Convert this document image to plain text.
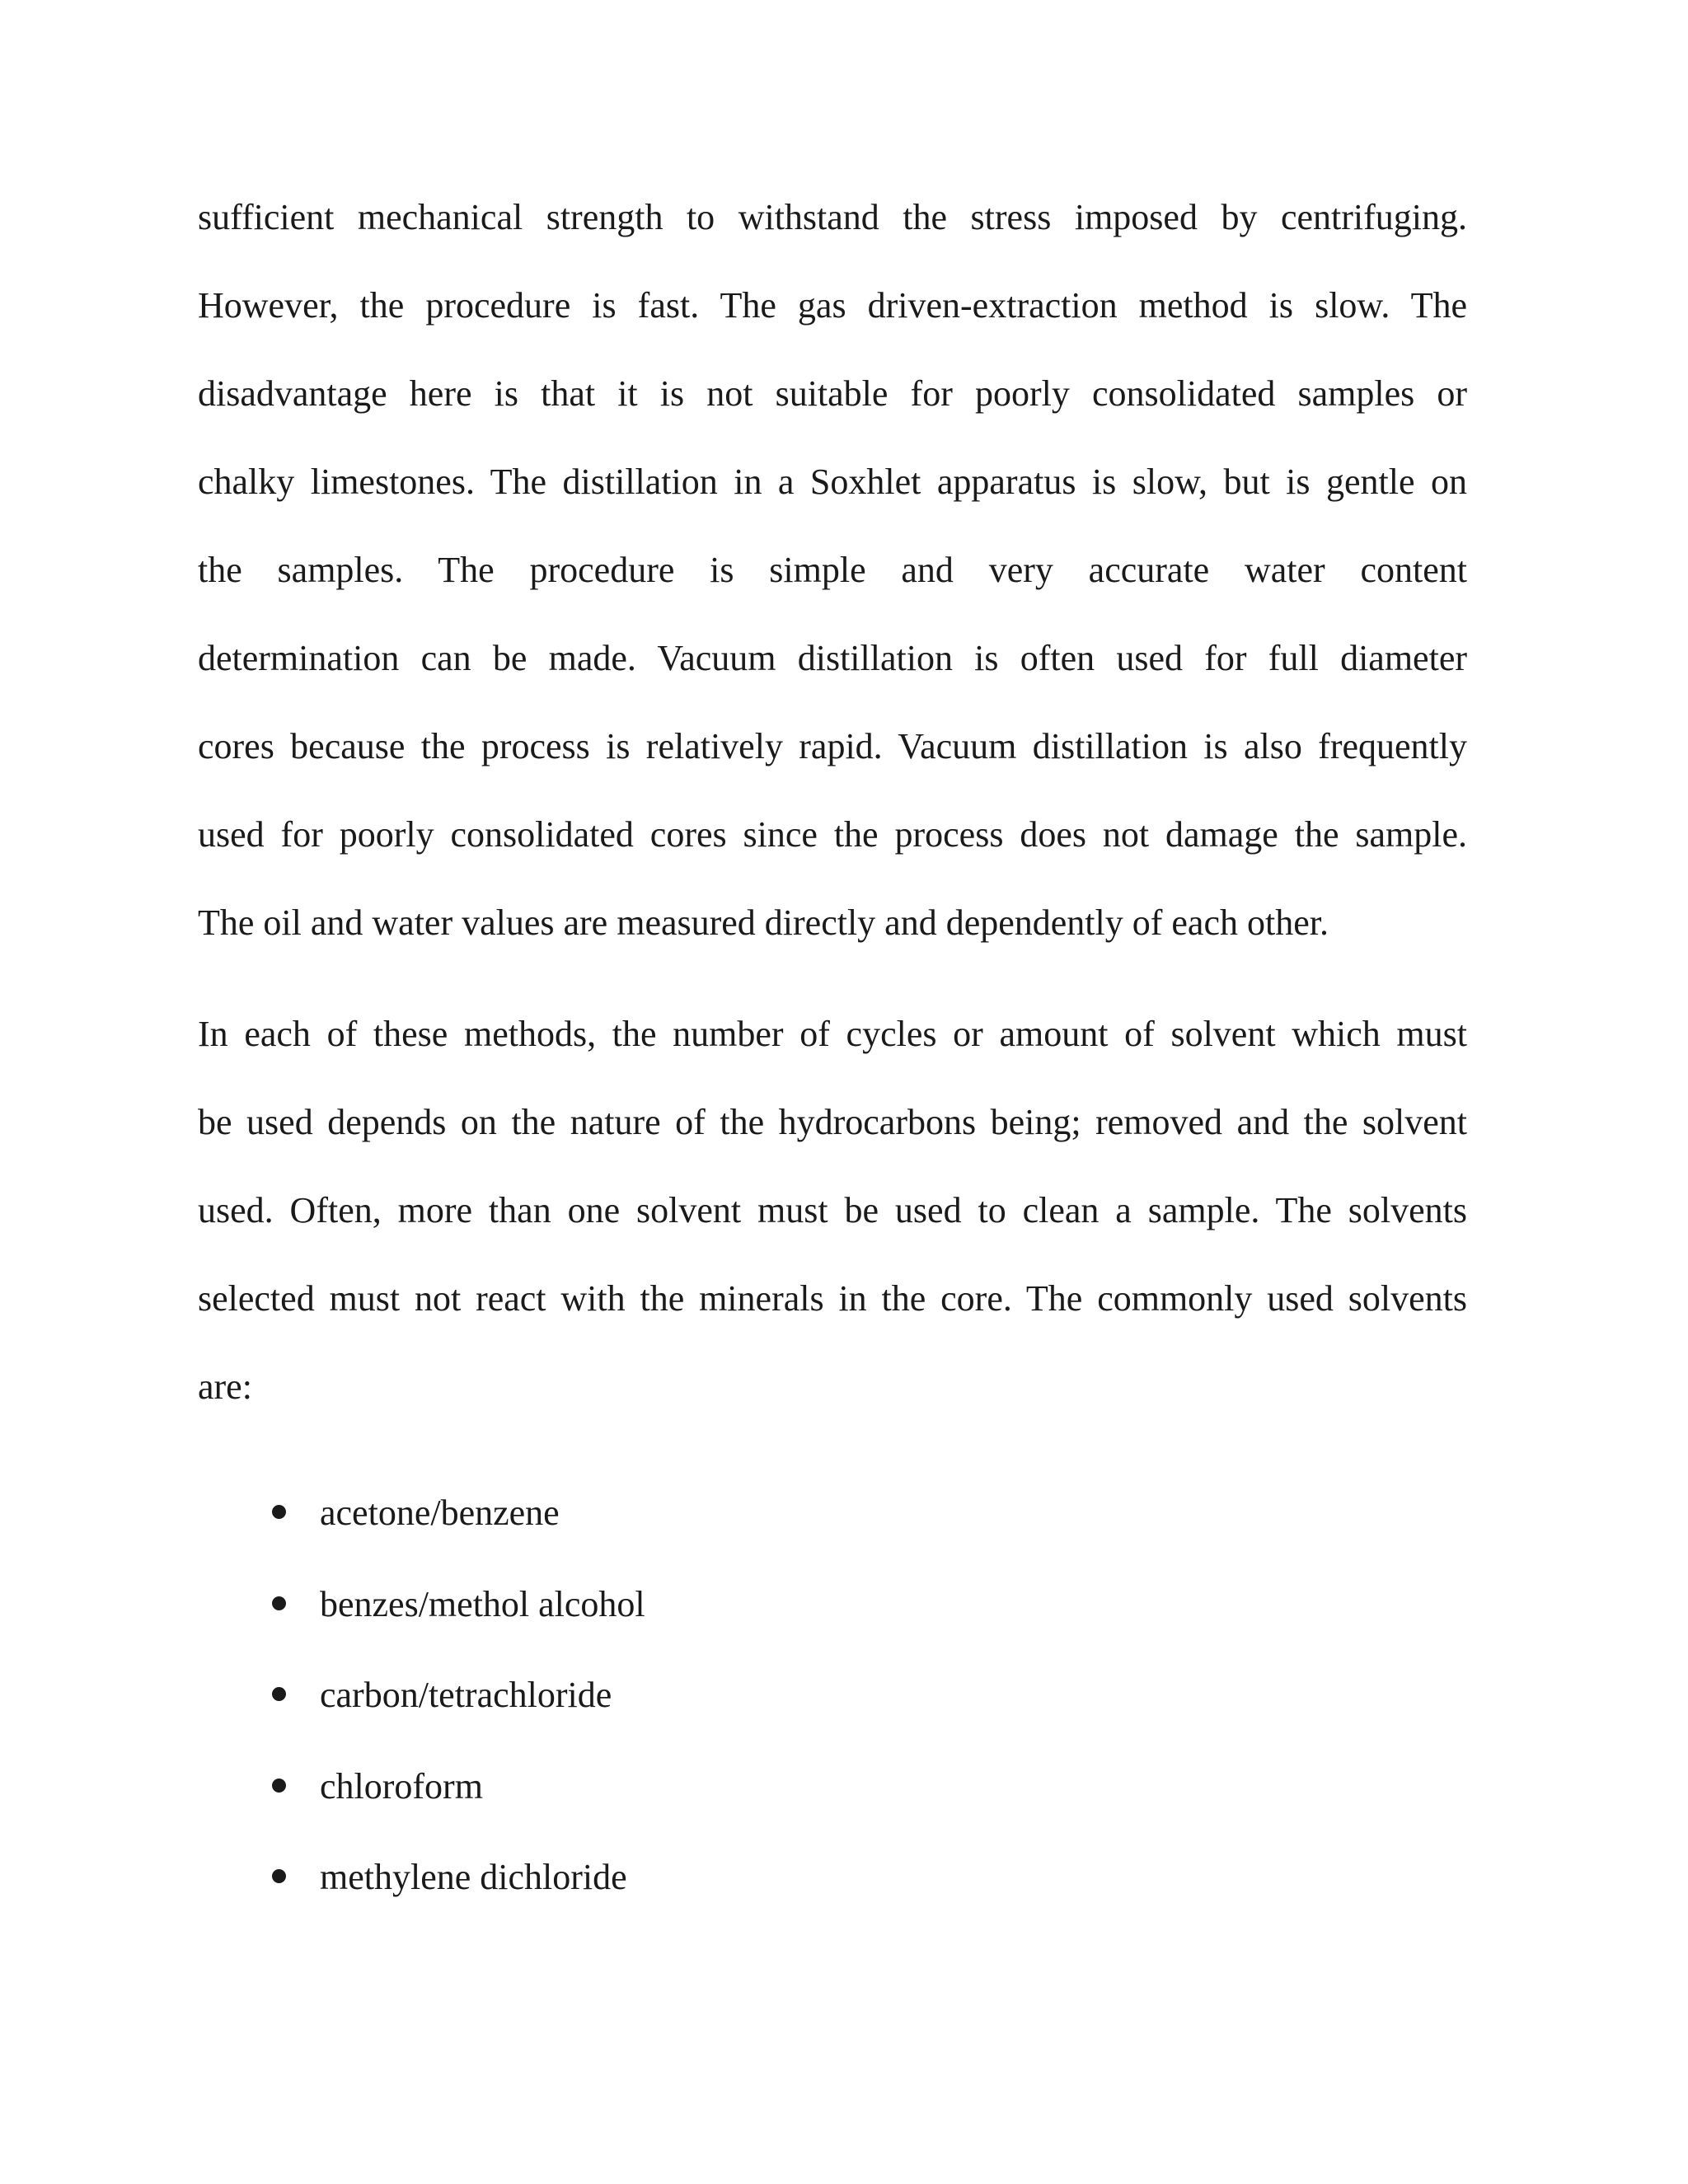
sufficient mechanical strength to withstand the stress imposed by centrifuging.
However, the procedure is fast. The gas driven-extraction method is slow. The
disadvantage here is that it is not suitable for poorly consolidated samples or
chalky limestones. The distillation in a Soxhlet apparatus is slow, but is gentle on
the samples. The procedure is simple and very accurate water content
determination can be made. Vacuum distillation is often used for full diameter
cores because the process is relatively rapid. Vacuum distillation is also frequently
used for poorly consolidated cores since the process does not damage the sample.
The oil and water values are measured directly and dependently of each other.
In each of these methods, the number of cycles or amount of solvent which must
be used depends on the nature of the hydrocarbons being; removed and the solvent
used. Often, more than one solvent must be used to clean a sample. The solvents
selected must not react with the minerals in the core. The commonly used solvents
are:
acetone/benzene
benzes/methol alcohol
carbon/tetrachloride
chloroform
methylene dichloride
